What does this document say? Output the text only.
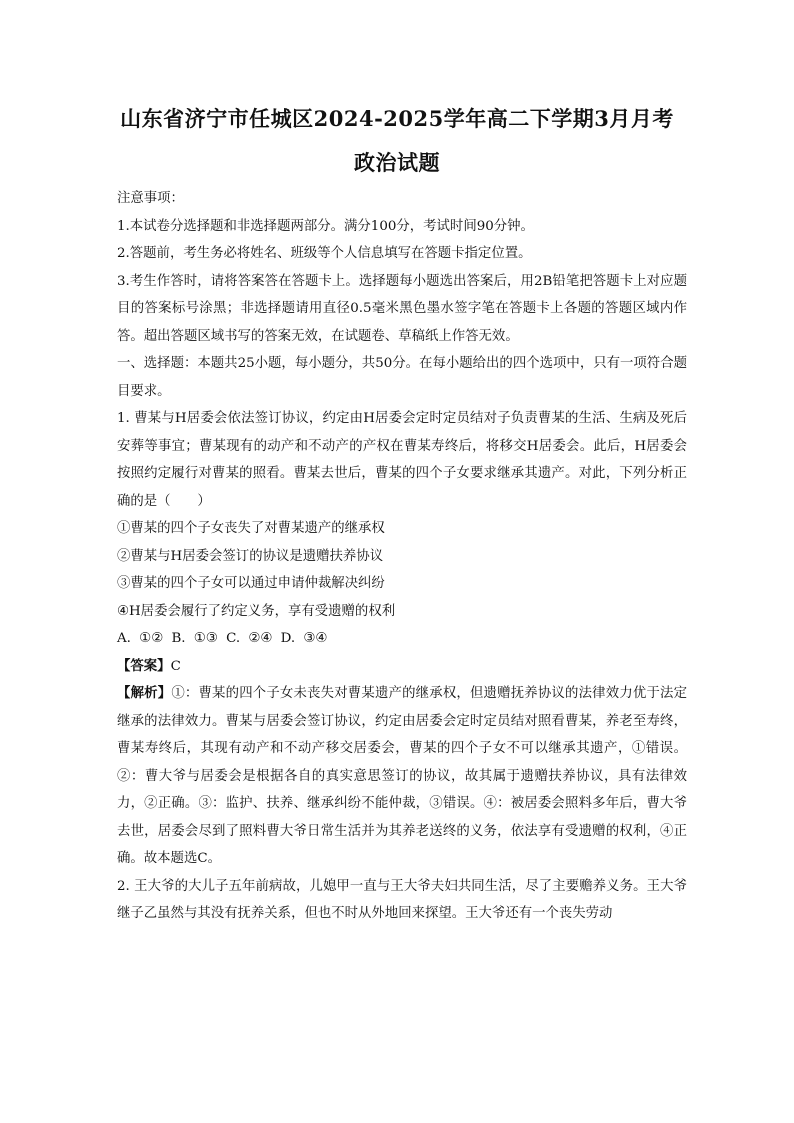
山东省济宁市任城区2024-2025学年高二下学期3月月考
政治试题

注意事项：

1.本试卷分选择题和非选择题两部分。满分100分，考试时间90分钟。

2.答题前，考生务必将姓名、班级等个人信息填写在答题卡指定位置。

3.考生作答时，请将答案答在答题卡上。选择题每小题选出答案后，用2B铅笔把答题卡上对应题目的答案标号涂黑；非选择题请用直径0.5毫米黑色墨水签字笔在答题卡上各题的答题区域内作答。超出答题区域书写的答案无效，在试题卷、草稿纸上作答无效。

一、选择题：本题共25小题，每小题分，共50分。在每小题给出的四个选项中，只有一项符合题目要求。

1. 曹某与H居委会依法签订协议，约定由H居委会定时定员结对子负责曹某的生活、生病及死后安葬等事宜；曹某现有的动产和不动产的产权在曹某寿终后，将移交H居委会。此后，H居委会按照约定履行对曹某的照看。曹某去世后，曹某的四个子女要求继承其遗产。对此，下列分析正确的是（　　）

①曹某的四个子女丧失了对曹某遗产的继承权

②曹某与H居委会签订的协议是遗赠扶养协议

③曹某的四个子女可以通过申请仲裁解决纠纷

④H居委会履行了约定义务，享有受遗赠的权利

A. ①② B. ①③ C. ②④ D. ③④

【答案】C

【解析】①：曹某的四个子女未丧失对曹某遗产的继承权，但遗赠抚养协议的法律效力优于法定继承的法律效力。曹某与居委会签订协议，约定由居委会定时定员结对照看曹某，养老至寿终，曹某寿终后，其现有动产和不动产移交居委会，曹某的四个子女不可以继承其遗产，①错误。②：曹大爷与居委会是根据各自的真实意思签订的协议，故其属于遗赠扶养协议，具有法律效力，②正确。③：监护、扶养、继承纠纷不能仲裁，③错误。④：被居委会照料多年后，曹大爷去世，居委会尽到了照料曹大爷日常生活并为其养老送终的义务，依法享有受遗赠的权利，④正确。故本题选C。

2. 王大爷的大儿子五年前病故，儿媳甲一直与王大爷夫妇共同生活，尽了主要赡养义务。王大爷继子乙虽然与其没有抚养关系，但也不时从外地回来探望。王大爷还有一个丧失劳动
